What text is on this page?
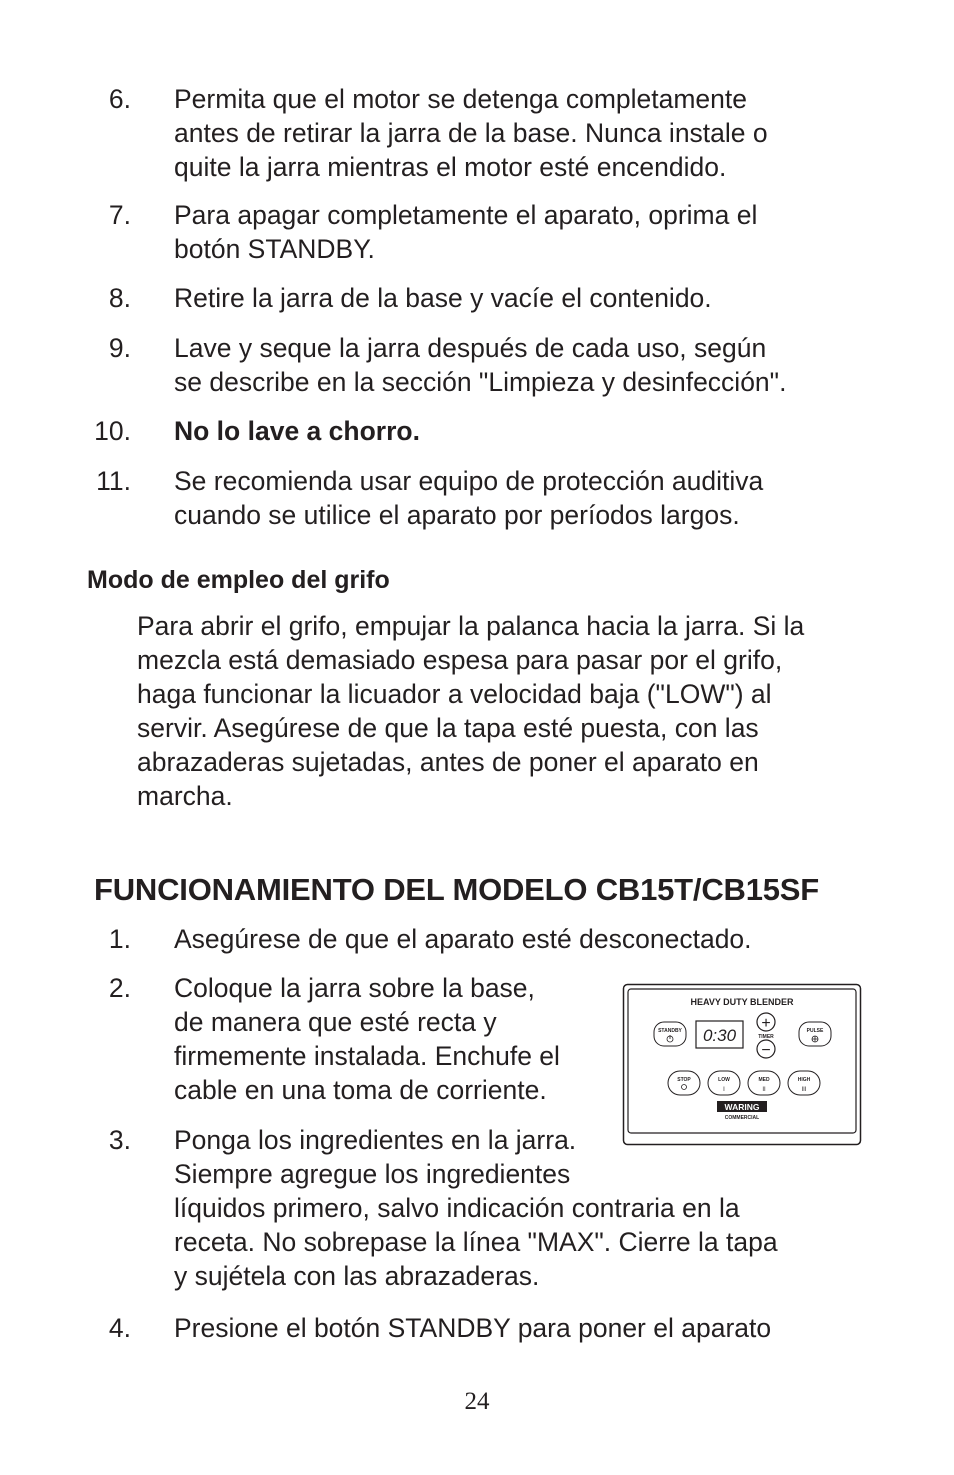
6. Permita que el motor se detenga completamente
antes de retirar la jarra de la base. Nunca instale o
quite la jarra mientras el motor esté encendido.
7. Para apagar completamente el aparato, oprima el
botón STANDBY.
8. Retire la jarra de la base y vacíe el contenido.
9. Lave y seque la jarra después de cada uso, según
se describe en la sección "Limpieza y desinfección".
10. No lo lave a chorro.
11. Se recomienda usar equipo de protección auditiva
cuando se utilice el aparato por períodos largos.
Modo de empleo del grifo
Para abrir el grifo, empujar la palanca hacia la jarra. Si la
mezcla está demasiado espesa para pasar por el grifo,
haga funcionar la licuador a velocidad baja ("LOW") al
servir. Asegúrese de que la tapa esté puesta, con las
abrazaderas sujetadas, antes de poner el aparato en
marcha.
FUNCIONAMIENTO DEL MODELO CB15T/CB15SF
1. Asegúrese de que el aparato esté desconectado.
2. Coloque la jarra sobre la base,
de manera que esté recta y
firmemente instalada. Enchufe el
cable en una toma de corriente.
3. Ponga los ingredientes en la jarra.
Siempre agregue los ingredientes
líquidos primero, salvo indicación contraria en la
receta. No sobrepase la línea "MAX". Cierre la tapa
y sujétela con las abrazaderas.
4. Presione el botón STANDBY para poner el aparato
HEAVY DUTY BLENDER
STANDBY 0:30
+
TIMER
−
PULSE
STOP	LOW
I
MED
II
HIGH
III
WARING
COMMERCIAL
24
